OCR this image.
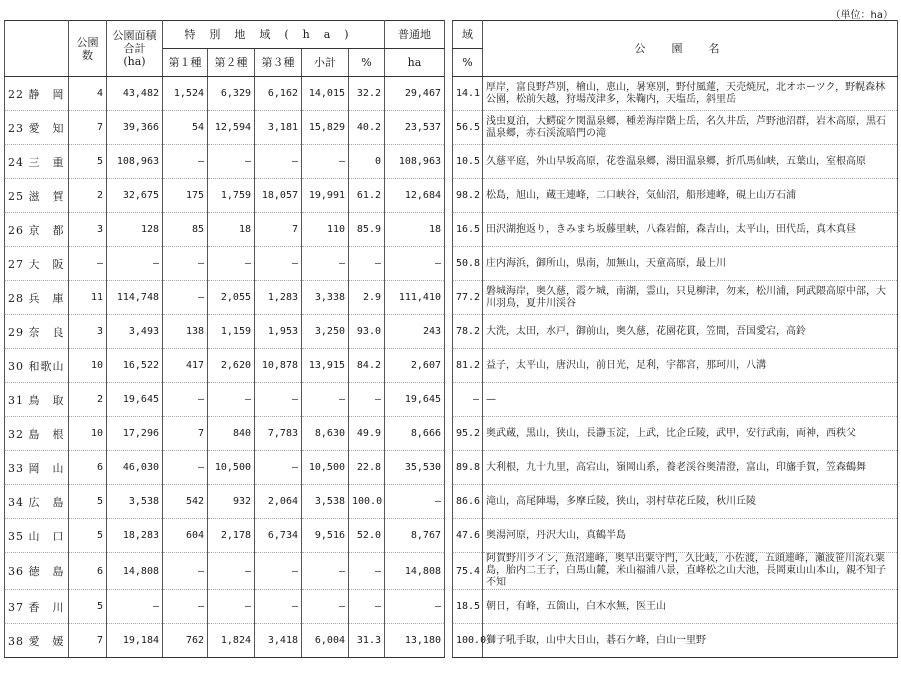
（単位：ha）
	公園数	公園面積合計
(ha)	特別地域(ha)					普通地		域	公園名
			第１種	第２種	第３種	小計	%	ha		%	
22 静　岡	4	43,482	1,524	6,329	6,162	14,015	32.2	29,467		14.1	厚岸，富良野芦別，檜山，恵山，暑寒別，野付風蓮，天売焼尻，北オホーツク，野幌森林公園，松前矢越，狩場茂津多，朱鞠内，天塩岳，斜里岳
23 愛　知	7	39,366	54	12,594	3,181	15,829	40.2	23,537		56.5	浅虫夏泊，大鰐碇ケ関温泉郷，種差海岸階上岳，名久井岳，芦野池沼群，岩木高原，黒石温泉郷，赤石渓流暗門の滝
24 三　重	5	108,963	—	—	—	—	0	108,963		10.5	久慈平庭，外山早坂高原，花巻温泉郷，湯田温泉郷，折爪馬仙峡，五葉山，室根高原
25 滋　賀	2	32,675	175	1,759	18,057	19,991	61.2	12,684		98.2	松島，旭山，蔵王連峰，二口峡谷，気仙沼，船形連峰，硯上山万石浦
26 京　都	3	128	85	18	7	110	85.9	18		16.5	田沢湖抱返り，きみまち坂藤里峡，八森岩館，森吉山，太平山，田代岳，真木真昼
27 大　阪	—	—	—	—	—	—	—	—		50.8	庄内海浜，御所山，県南，加無山，天童高原，最上川
28 兵　庫	11	114,748	—	2,055	1,283	3,338	2.9	111,410		77.2	磐城海岸，奥久慈，霞ケ城，南湖，霊山，只見柳津，勿来，松川浦，阿武隈高原中部，大川羽鳥，夏井川渓谷
29 奈　良	3	3,493	138	1,159	1,953	3,250	93.0	243		78.2	大洗，太田，水戸，御前山，奥久慈，花園花貫，笠間，吾国愛宕，高鈴
30 和歌山	10	16,522	417	2,620	10,878	13,915	84.2	2,607		81.2	益子，太平山，唐沢山，前日光，足利，宇都宮，那珂川，八溝
31 鳥　取	2	19,645	—	—	—	—	—	19,645		—	—
32 島　根	10	17,296	7	840	7,783	8,630	49.9	8,666		95.2	奥武蔵，黒山，狭山，長瀞玉淀，上武，比企丘陵，武甲，安行武南，両神，西秩父
33 岡　山	6	46,030	—	10,500	—	10,500	22.8	35,530		89.8	大利根，九十九里，高宕山，嶺岡山系，養老渓谷奥清澄，富山，印旛手賀，笠森鶴舞
34 広　島	5	3,538	542	932	2,064	3,538	100.0	—		86.6	滝山，高尾陣場，多摩丘陵，狭山，羽村草花丘陵，秋川丘陵
35 山　口	5	18,283	604	2,178	6,734	9,516	52.0	8,767		47.6	奥湯河原，丹沢大山，真鶴半島
36 徳　島	6	14,808	—	—	—	—	—	14,808		75.4	阿賀野川ライン，魚沼連峰，奥早出粟守門，久比岐，小佐渡，五頭連峰，瀬波笹川流れ粟島，胎内二王子，白馬山麓，米山福浦八景，直峰松之山大池，長岡東山山本山，親不知子不知
37 香　川	5	—	—	—	—	—	—	—		18.5	朝日，有峰，五箇山，白木水無，医王山
38 愛　媛	7	19,184	762	1,824	3,418	6,004	31.3	13,180		100.0	獅子吼手取，山中大日山，碁石ケ峰，白山一里野
